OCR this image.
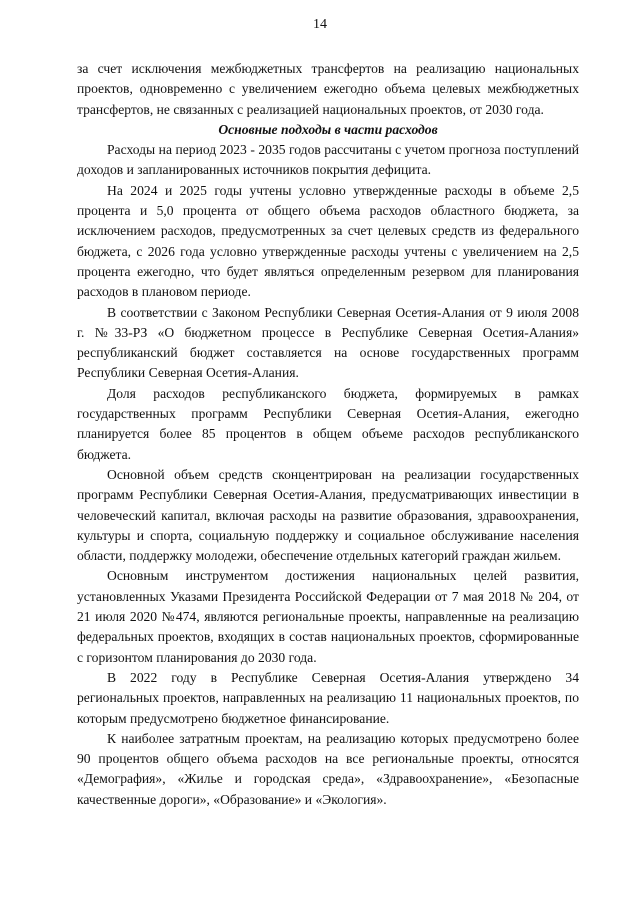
14

за счет исключения межбюджетных трансфертов на реализацию национальных проектов, одновременно с увеличением ежегодно объема целевых межбюджетных трансфертов, не связанных с реализацией национальных проектов, от 2030 года.

Основные подходы в части расходов

Расходы на период 2023 - 2035 годов рассчитаны с учетом прогноза поступлений доходов и запланированных источников покрытия дефицита.

На 2024 и 2025 годы учтены условно утвержденные расходы в объеме 2,5 процента и 5,0 процента от общего объема расходов областного бюджета, за исключением расходов, предусмотренных за счет целевых средств из федерального бюджета, с 2026 года условно утвержденные расходы учтены с увеличением на 2,5 процента ежегодно, что будет являться определенным резервом для планирования расходов в плановом периоде.

В соответствии с Законом Республики Северная Осетия-Алания от 9 июля 2008 г. №33-РЗ «О бюджетном процессе в Республике Северная Осетия-Алания» республиканский бюджет составляется на основе государственных программ Республики Северная Осетия-Алания.

Доля расходов республиканского бюджета, формируемых в рамках государственных программ Республики Северная Осетия-Алания, ежегодно планируется более 85 процентов в общем объеме расходов республиканского бюджета.

Основной объем средств сконцентрирован на реализации государственных программ Республики Северная Осетия-Алания, предусматривающих инвестиции в человеческий капитал, включая расходы на развитие образования, здравоохранения, культуры и спорта, социальную поддержку и социальное обслуживание населения области, поддержку молодежи, обеспечение отдельных категорий граждан жильем.

Основным инструментом достижения национальных целей развития, установленных Указами Президента Российской Федерации от 7 мая 2018 № 204, от 21 июля 2020 №474, являются региональные проекты, направленные на реализацию федеральных проектов, входящих в состав национальных проектов, сформированные с горизонтом планирования до 2030 года.

В 2022 году в Республике Северная Осетия-Алания утверждено 34 региональных проектов, направленных на реализацию 11 национальных проектов, по которым предусмотрено бюджетное финансирование.

К наиболее затратным проектам, на реализацию которых предусмотрено более 90 процентов общего объема расходов на все региональные проекты, относятся «Демография», «Жилье и городская среда», «Здравоохранение», «Безопасные качественные дороги», «Образование» и «Экология».
